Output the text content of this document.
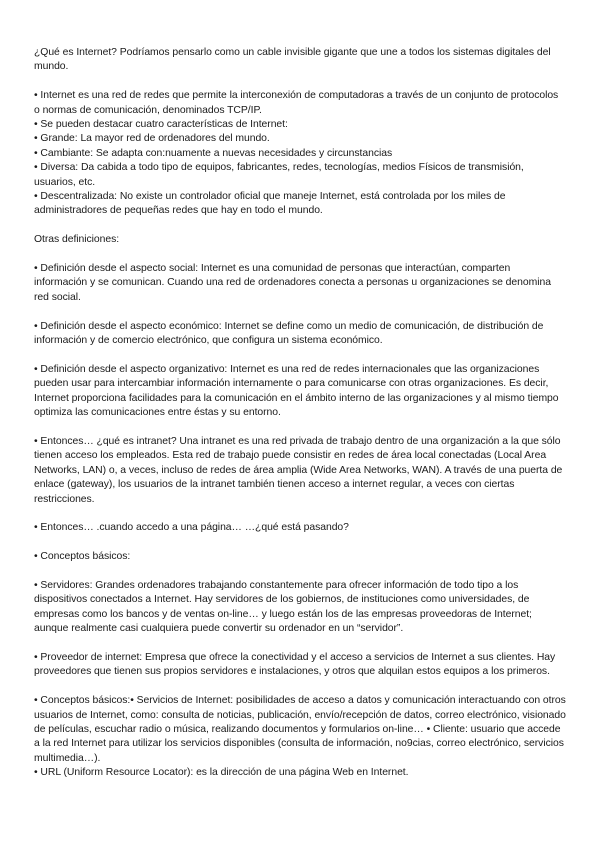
¿Qué es Internet? Podríamos pensarlo como un cable invisible gigante que une a todos los sistemas digitales del mundo.

• Internet es una red de redes que permite la interconexión de computadoras a través de un conjunto de protocolos o normas de comunicación, denominados TCP/IP.

• Se pueden destacar cuatro características de Internet:

• Grande: La mayor red de ordenadores del mundo.

• Cambiante: Se adapta con:nuamente a nuevas necesidades y circunstancias

• Diversa: Da cabida a todo tipo de equipos, fabricantes, redes, tecnologías, medios Físicos de transmisión, usuarios, etc.

• Descentralizada: No existe un controlador oficial que maneje Internet, está controlada por los miles de administradores de pequeñas redes que hay en todo el mundo.

Otras definiciones:

• Definición desde el aspecto social: Internet es una comunidad de personas que interactúan, comparten información y se comunican. Cuando una red de ordenadores conecta a personas u organizaciones se denomina red social.

• Definición desde el aspecto económico: Internet se define como un medio de comunicación, de distribución de información y de comercio electrónico, que configura un sistema económico.

• Definición desde el aspecto organizativo: Internet es una red de redes internacionales que las organizaciones pueden usar para intercambiar información internamente o para comunicarse con otras organizaciones. Es decir, Internet proporciona facilidades para la comunicación en el ámbito interno de las organizaciones y al mismo tiempo optimiza las comunicaciones entre éstas y su entorno.

• Entonces… ¿qué es intranet? Una intranet es una red privada de trabajo dentro de una organización a la que sólo tienen acceso los empleados. Esta red de trabajo puede consistir en redes de área local conectadas (Local Area Networks, LAN) o, a veces, incluso de redes de área amplia (Wide Area Networks, WAN). A través de una puerta de enlace (gateway), los usuarios de la intranet también tienen acceso a internet regular, a veces con ciertas restricciones.

• Entonces… .cuando accedo a una página… …¿qué está pasando?

• Conceptos básicos:

• Servidores: Grandes ordenadores trabajando constantemente para ofrecer información de todo tipo a los dispositivos conectados a Internet. Hay servidores de los gobiernos, de instituciones como universidades, de empresas como los bancos y de ventas on-line… y luego están los de las empresas proveedoras de Internet; aunque realmente casi cualquiera puede convertir su ordenador en un “servidor”.

• Proveedor de internet: Empresa que ofrece la conectividad y el acceso a servicios de Internet a sus clientes. Hay proveedores que tienen sus propios servidores e instalaciones, y otros que alquilan estos equipos a los primeros.

• Conceptos básicos:• Servicios de Internet: posibilidades de acceso a datos y comunicación interactuando con otros usuarios de Internet, como: consulta de noticias, publicación, envío/recepción de datos, correo electrónico, visionado de películas, escuchar radio o música, realizando documentos y formularios on-line… • Cliente: usuario que accede a la red Internet para utilizar los servicios disponibles (consulta de información, no9cias, correo electrónico, servicios multimedia…).

• URL (Uniform Resource Locator): es la dirección de una página Web en Internet.
